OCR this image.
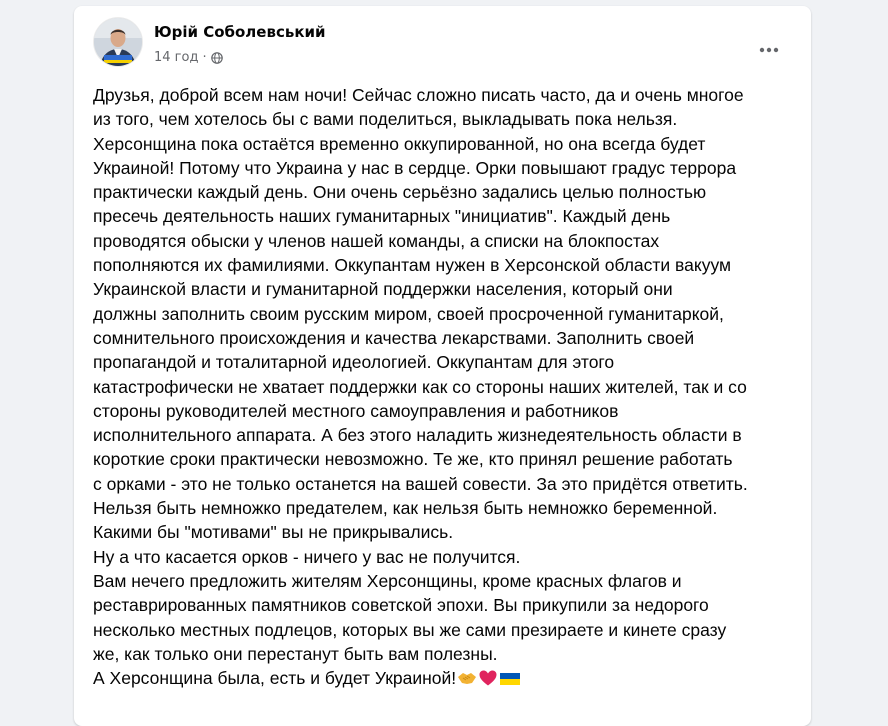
Юрій Соболевський
14 год ·

Друзья, доброй всем нам ночи! Сейчас сложно писать часто, да и очень многое

из того, чем хотелось бы с вами поделиться, выкладывать пока нельзя.

Херсонщина пока остаётся временно оккупированной, но она всегда будет

Украиной! Потому что Украина у нас в сердце. Орки повышают градус террора

практически каждый день. Они очень серьёзно задались целью полностью

пресечь деятельность наших гуманитарных "инициатив". Каждый день

проводятся обыски у членов нашей команды, а списки на блокпостах

пополняются их фамилиями. Оккупантам нужен в Херсонской области вакуум

Украинской власти и гуманитарной поддержки населения, который они

должны заполнить своим русским миром, своей просроченной гуманитаркой,

сомнительного происхождения и качества лекарствами. Заполнить своей

пропагандой и тоталитарной идеологией. Оккупантам для этого

катастрофически не хватает поддержки как со стороны наших жителей, так и со

стороны руководителей местного самоуправления и работников

исполнительного аппарата. А без этого наладить жизнедеятельность области в

короткие сроки практически невозможно. Те же, кто принял решение работать

с орками - это не только останется на вашей совести. За это придётся ответить.

Нельзя быть немножко предателем, как нельзя быть немножко беременной.

Какими бы "мотивами" вы не прикрывались.

Ну а что касается орков - ничего у вас не получится.

Вам нечего предложить жителям Херсонщины, кроме красных флагов и

реставрированных памятников советской эпохи. Вы прикупили за недорого

несколько местных подлецов, которых вы же сами презираете и кинете сразу

же, как только они перестанут быть вам полезны.

А Херсонщина была, есть и будет Украиной!
